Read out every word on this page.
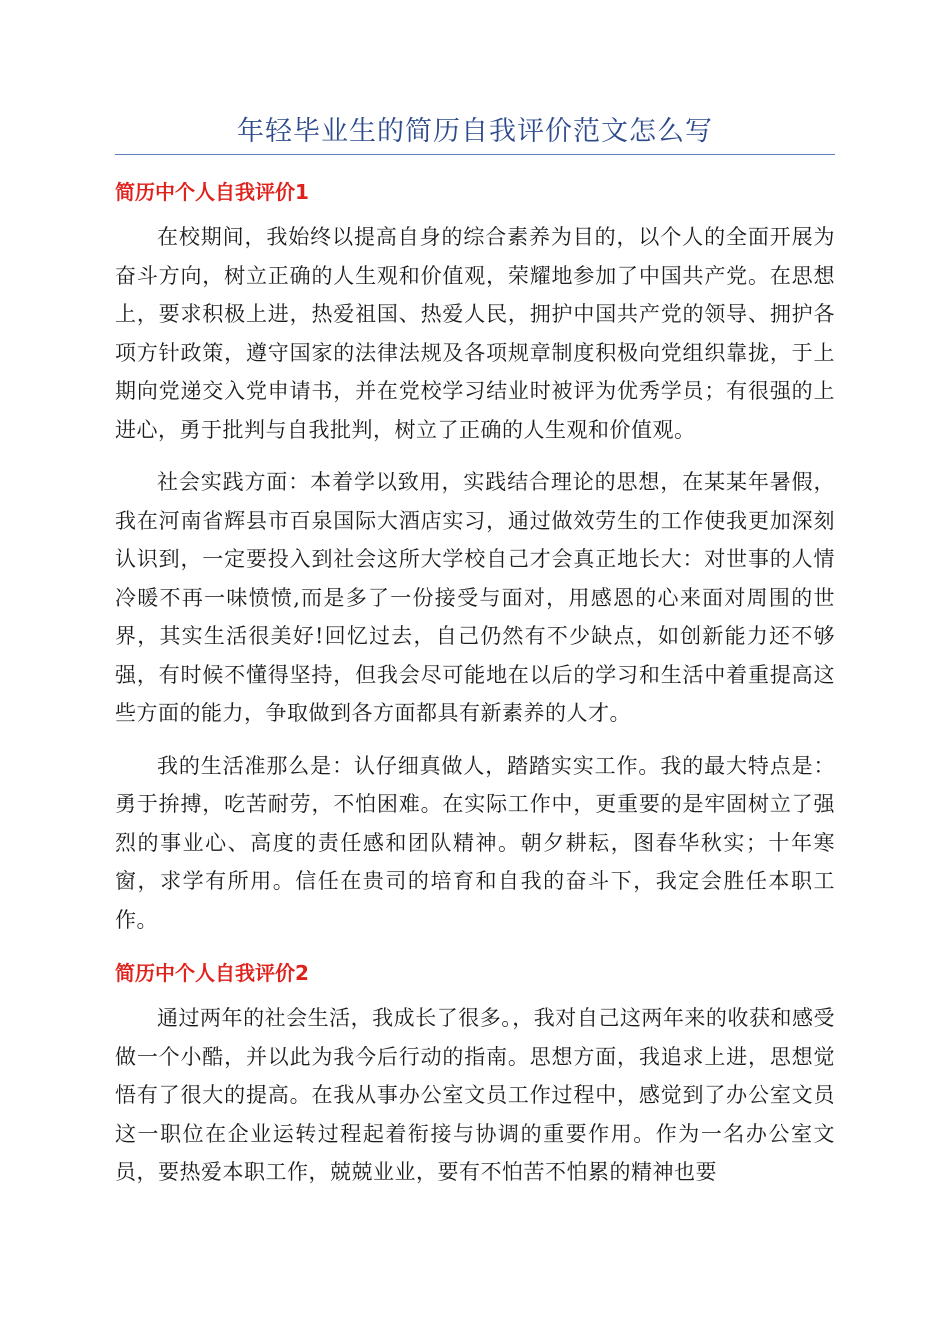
年轻毕业生的简历自我评价范文怎么写
简历中个人自我评价1

在校期间，我始终以提高自身的综合素养为目的，以个人的全面开展为奋斗方向，树立正确的人生观和价值观，荣耀地参加了中国共产党。在思想上，要求积极上进，热爱祖国、热爱人民，拥护中国共产党的领导、拥护各项方针政策，遵守国家的法律法规及各项规章制度积极向党组织靠拢，于上期向党递交入党申请书，并在党校学习结业时被评为优秀学员；有很强的上进心，勇于批判与自我批判，树立了正确的人生观和价值观。

社会实践方面：本着学以致用，实践结合理论的思想，在某某年暑假，我在河南省辉县市百泉国际大酒店实习，通过做效劳生的工作使我更加深刻认识到，一定要投入到社会这所大学校自己才会真正地长大：对世事的人情冷暖不再一味愤愤,而是多了一份接受与面对，用感恩的心来面对周围的世界，其实生活很美好!回忆过去，自己仍然有不少缺点，如创新能力还不够强，有时候不懂得坚持，但我会尽可能地在以后的学习和生活中着重提高这些方面的能力，争取做到各方面都具有新素养的人才。

我的生活准那么是：认仔细真做人，踏踏实实工作。我的最大特点是：勇于拚搏，吃苦耐劳，不怕困难。在实际工作中，更重要的是牢固树立了强烈的事业心、高度的责任感和团队精神。朝夕耕耘，图春华秋实；十年寒窗，求学有所用。信任在贵司的培育和自我的奋斗下，我定会胜任本职工作。

简历中个人自我评价2

通过两年的社会生活，我成长了很多。，我对自己这两年来的收获和感受做一个小酷，并以此为我今后行动的指南。思想方面，我追求上进，思想觉悟有了很大的提高。在我从事办公室文员工作过程中，感觉到了办公室文员这一职位在企业运转过程起着衔接与协调的重要作用。作为一名办公室文员，要热爱本职工作，兢兢业业，要有不怕苦不怕累的精神也要
